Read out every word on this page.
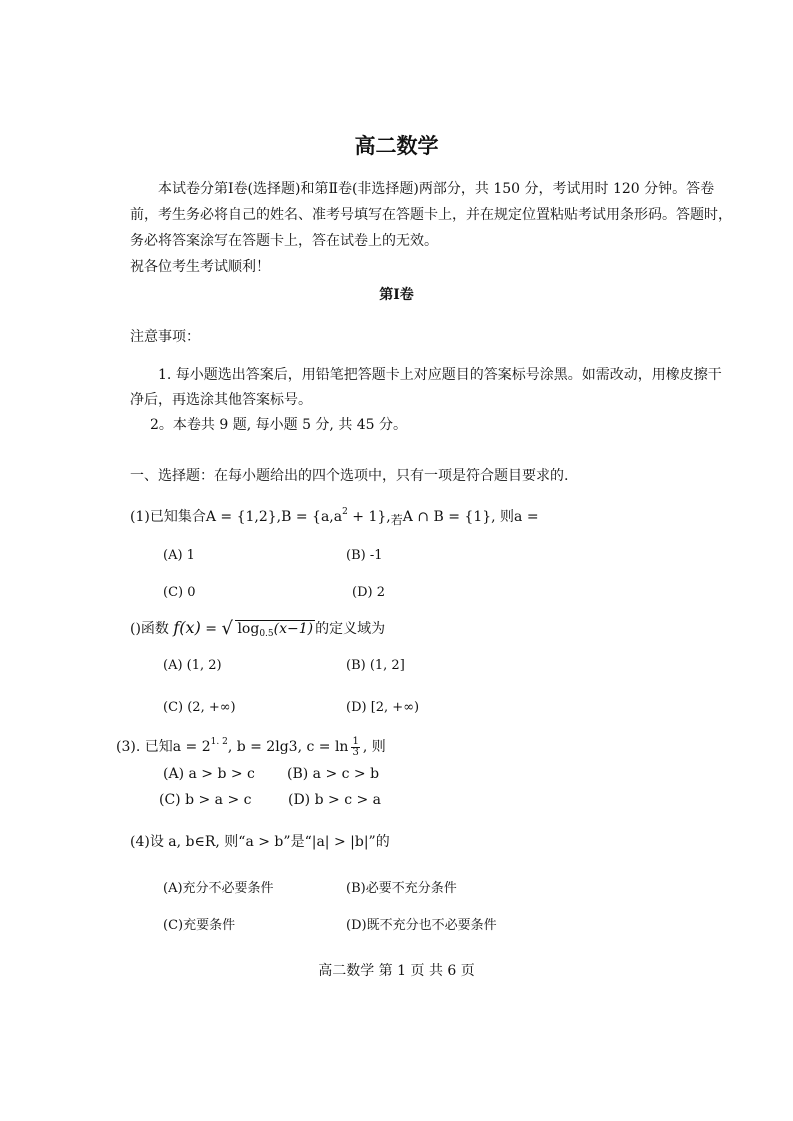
高二数学
本试卷分第Ⅰ卷(选择题)和第Ⅱ卷(非选择题)两部分，共 150 分，考试用时 120 分钟。答卷
前，考生务必将自己的姓名、准考号填写在答题卡上，并在规定位置粘贴考试用条形码。答题时，
务必将答案涂写在答题卡上，答在试卷上的无效。
祝各位考生考试顺利！
第Ⅰ卷
注意事项：
1. 每小题选出答案后，用铅笔把答题卡上对应题目的答案标号涂黑。如需改动，用橡皮擦干
净后，再选涂其他答案标号。
2。本卷共 9 题, 每小题 5 分, 共 45 分。
一、选择题：在每小题给出的四个选项中，只有一项是符合题目要求的.
(1)已知集合$A = \{1,2\},B = \{a,a^2 + 1\}$,若A ∩ B = {1}, 则a =
(A) 1	(B) -1
(C) 0	(D) 2
()函数 f(x) = √ $\log_{0.5}(x-1)$ 的定义域为
(A) (1, 2)	(B) (1, 2]
(C) (2, +∞)	(D) [2, +∞)
(3). 已知$a = 2^{1. 2}$, b = 2lg3, $c = \ln \frac{1}{3}$ , 则
(A) a > b > c (B) a > c > b
(C) b > a > c	(D) b > c > a
(4)设 a, b∈R, 则“a > b”是“|a| > |b|”的
(A)充分不必要条件	(B)必要不充分条件
(C)充要条件	(D)既不充分也不必要条件
高二数学 第 1 页 共 6 页
